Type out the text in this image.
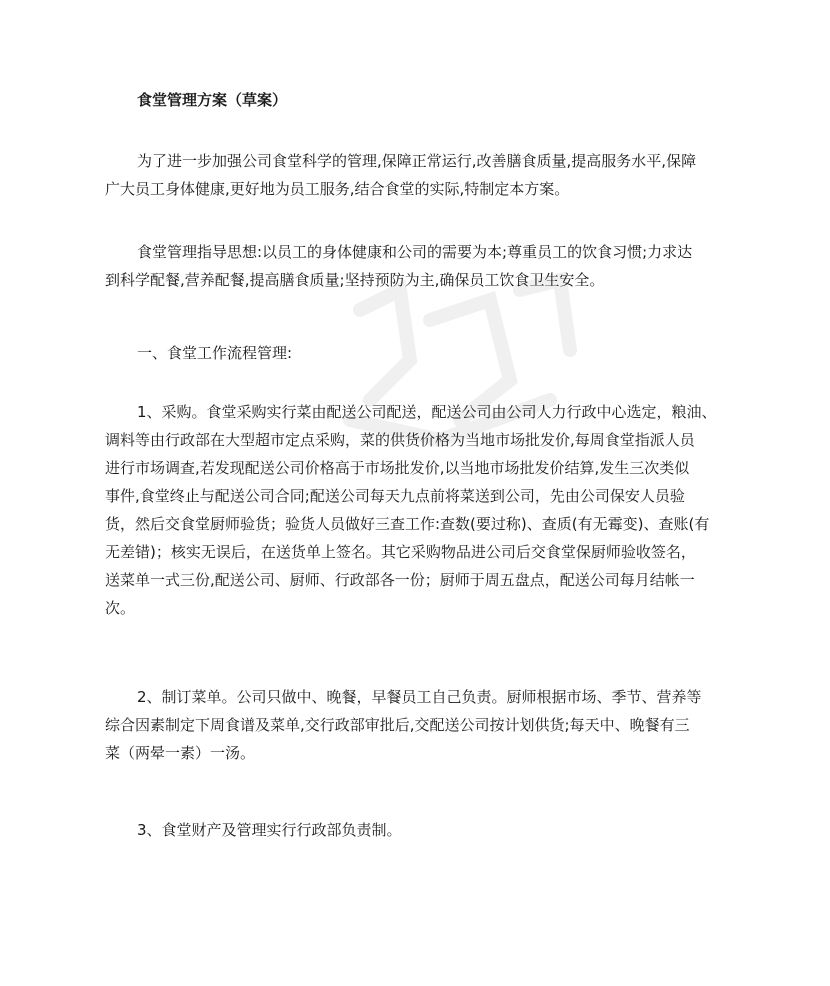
食堂管理方案（草案）

为了进一步加强公司食堂科学的管理,保障正常运行,改善膳食质量,提高服务水平,保障
广大员工身体健康,更好地为员工服务,结合食堂的实际,特制定本方案。

食堂管理指导思想:以员工的身体健康和公司的需要为本;尊重员工的饮食习惯;力求达
到科学配餐,营养配餐,提高膳食质量;坚持预防为主,确保员工饮食卫生安全。

一、食堂工作流程管理:

1、采购。食堂采购实行菜由配送公司配送，配送公司由公司人力行政中心选定，粮油、
调料等由行政部在大型超市定点采购，菜的供货价格为当地市场批发价,每周食堂指派人员
进行市场调查,若发现配送公司价格高于市场批发价,以当地市场批发价结算,发生三次类似
事件,食堂终止与配送公司合同;配送公司每天九点前将菜送到公司，先由公司保安人员验
货，然后交食堂厨师验货；验货人员做好三查工作:查数(要过称)、查质(有无霉变)、查账(有
无差错)；核实无误后，在送货单上签名。其它采购物品进公司后交食堂保厨师验收签名，
送菜单一式三份,配送公司、厨师、行政部各一份；厨师于周五盘点，配送公司每月结帐一
次。

2、制订菜单。公司只做中、晚餐，早餐员工自己负责。厨师根据市场、季节、营养等
综合因素制定下周食谱及菜单,交行政部审批后,交配送公司按计划供货;每天中、晚餐有三
菜（两晕一素）一汤。

3、食堂财产及管理实行行政部负责制。
